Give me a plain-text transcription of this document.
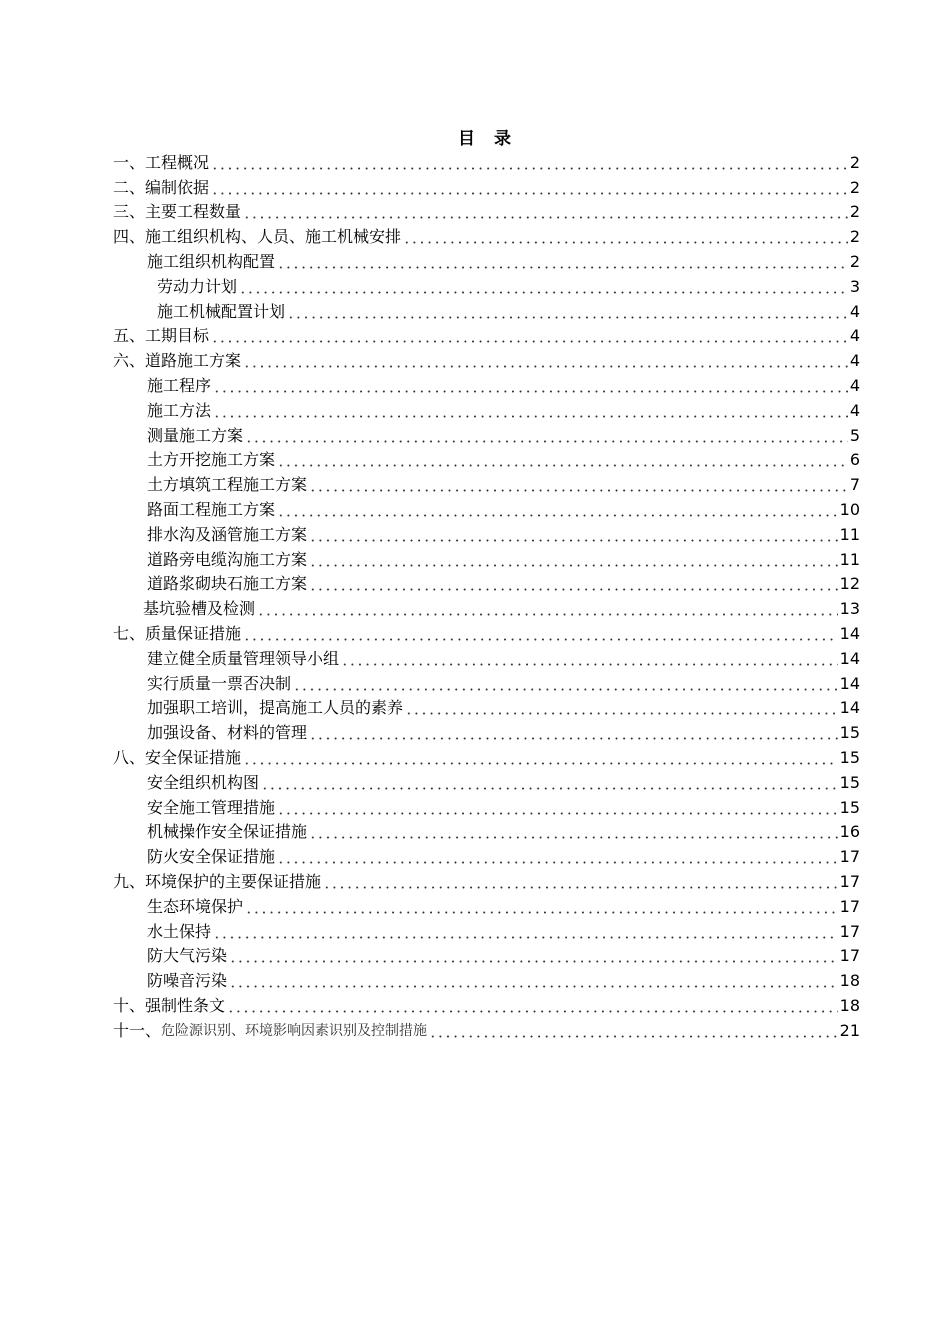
目 录
一、工程概况	2
二、编制依据	2
三、主要工程数量	2
四、施工组织机构、人员、施工机械安排	2
施工组织机构配置	2
劳动力计划	3
施工机械配置计划	4
五、工期目标	4
六、道路施工方案	4
施工程序	4
施工方法	4
测量施工方案	5
土方开挖施工方案	6
土方填筑工程施工方案	7
路面工程施工方案	10
排水沟及涵管施工方案	11
道路旁电缆沟施工方案	11
道路浆砌块石施工方案	12
基坑验槽及检测	13
七、质量保证措施	14
建立健全质量管理领导小组	14
实行质量一票否决制	14
加强职工培训，提高施工人员的素养	14
加强设备、材料的管理	15
八、安全保证措施	15
安全组织机构图	15
安全施工管理措施	15
机械操作安全保证措施	16
防火安全保证措施	17
九、环境保护的主要保证措施	17
生态环境保护	17
水土保持	17
防大气污染	17
防噪音污染	18
十、强制性条文	18
十一、 危险源识别、环境影响因素识别及控制措施	21
